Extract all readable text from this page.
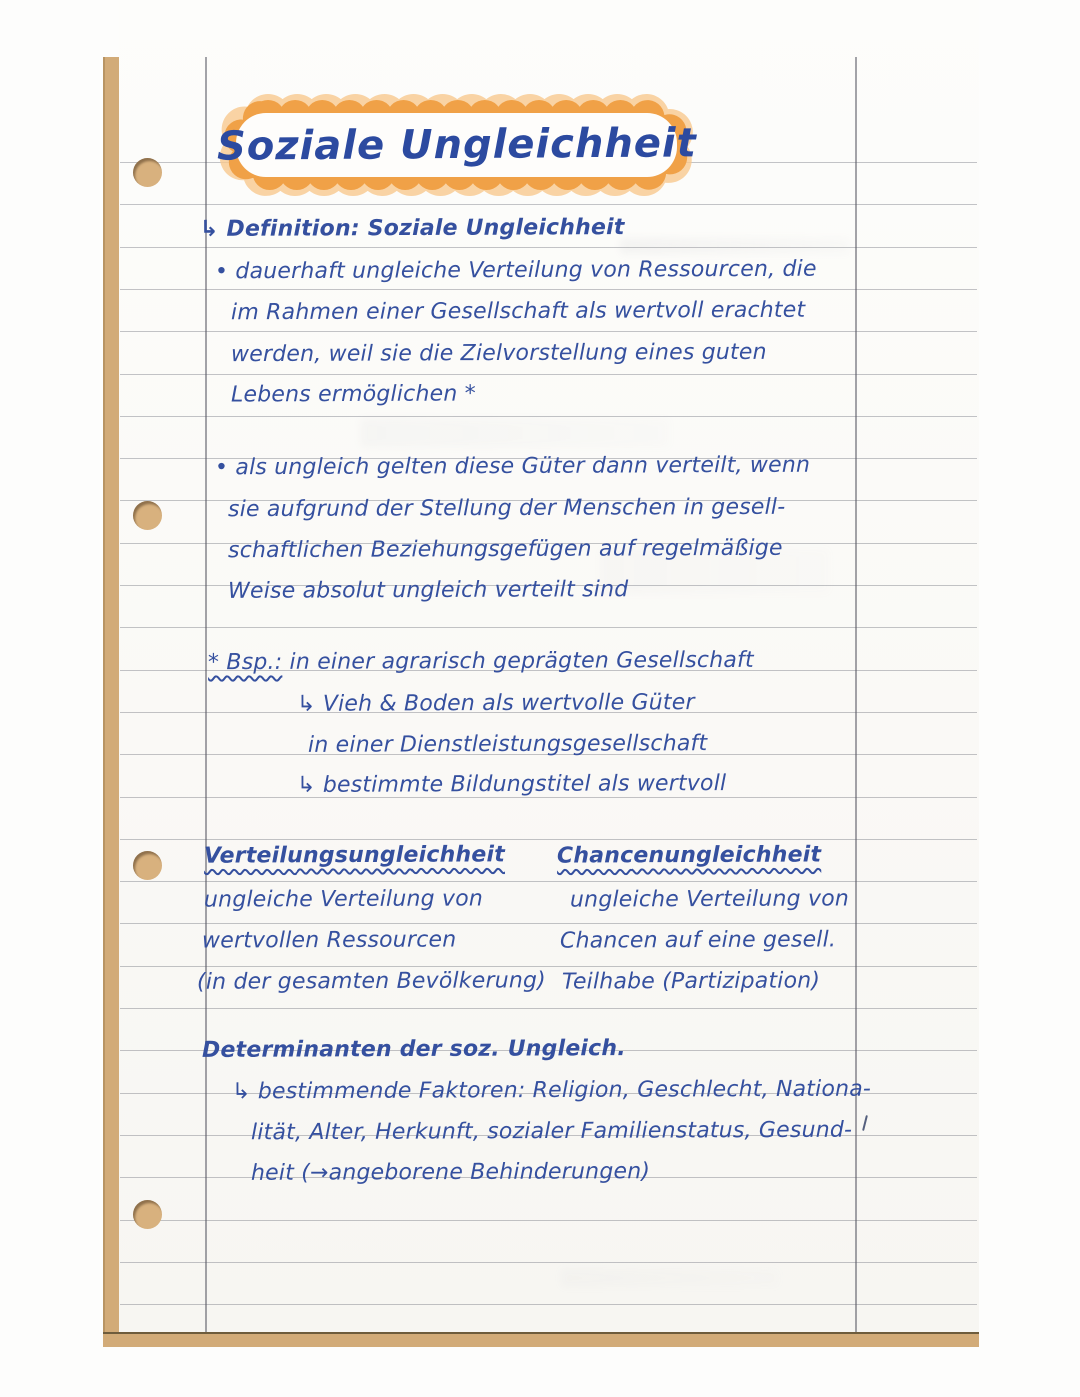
Soziale Ungleichheit
↳ Definition: Soziale Ungleichheit
• dauerhaft ungleiche Verteilung von Ressourcen, die
im Rahmen einer Gesellschaft als wertvoll erachtet
werden, weil sie die Zielvorstellung eines guten
Lebens ermöglichen *
• als ungleich gelten diese Güter dann verteilt, wenn
sie aufgrund der Stellung der Menschen in gesell-
schaftlichen Beziehungsgefügen auf regelmäßige
Weise absolut ungleich verteilt sind
* Bsp.: in einer agrarisch geprägten Gesellschaft
↳ Vieh & Boden als wertvolle Güter
in einer Dienstleistungsgesellschaft
↳ bestimmte Bildungstitel als wertvoll
Verteilungsungleichheit Chancenungleichheit
ungleiche Verteilung von
wertvollen Ressourcen
(in der gesamten Bevölkerung)
ungleiche Verteilung von
Chancen auf eine gesell.
Teilhabe (Partizipation)
Determinanten der soz. Ungleich.
↳ bestimmende Faktoren: Religion, Geschlecht, Nationa-
lität, Alter, Herkunft, sozialer Familienstatus, Gesund-
heit (→angeborene Behinderungen)
